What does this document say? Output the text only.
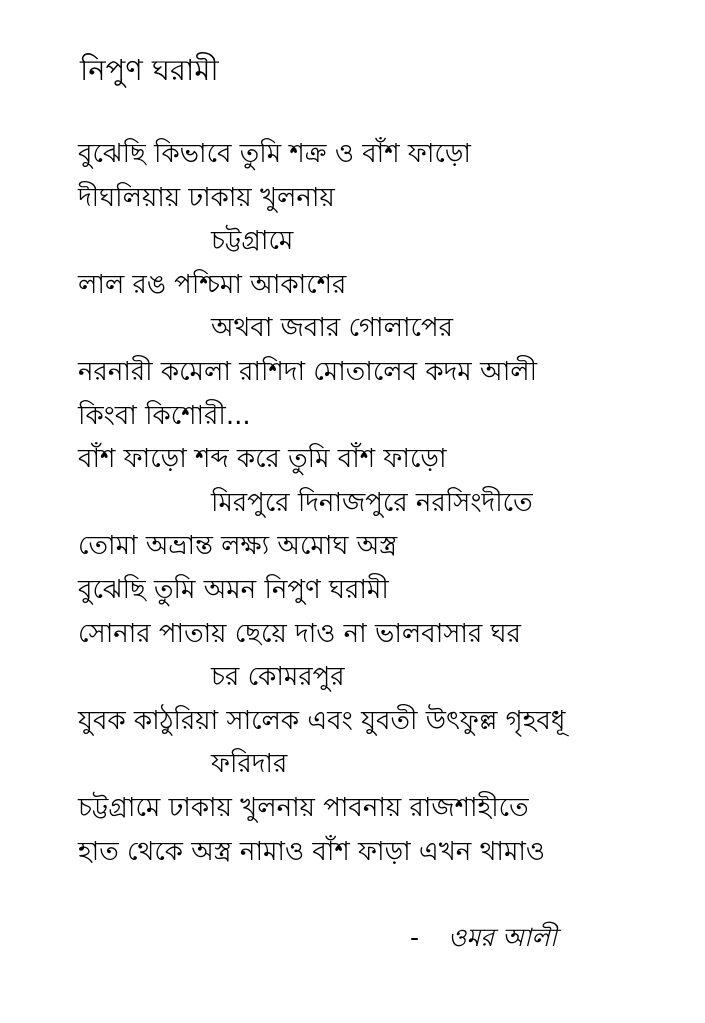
নিপুণ ঘরামী
বুঝেছি কিভাবে তুমি শক্র ও বাঁশ ফাড়ো
দীঘলিয়ায় ঢাকায় খুলনায়
চট্টগ্রামে
লাল রঙ পশ্চিমা আকাশের
অথবা জবার গোলাপের
নরনারী কমেলা রাশিদা মোতালেব কদম আলী
কিংবা কিশোরী...
বাঁশ ফাড়ো শব্দ করে তুমি বাঁশ ফাড়ো
মিরপুরে দিনাজপুরে নরসিংদীতে
তোমা অভ্রান্ত লক্ষ্য অমোঘ অস্ত্র
বুঝেছি তুমি অমন নিপুণ ঘরামী
সোনার পাতায় ছেয়ে দাও না ভালবাসার ঘর
চর কোমরপুর
যুবক কাঠুরিয়া সালেক এবং যুবতী উৎফুল্ল গৃহবধূ
ফরিদার
চট্টগ্রামে ঢাকায় খুলনায় পাবনায় রাজশাহীতে
হাত থেকে অস্ত্র নামাও বাঁশ ফাড়া এখন থামাও
- ওমর আলী
